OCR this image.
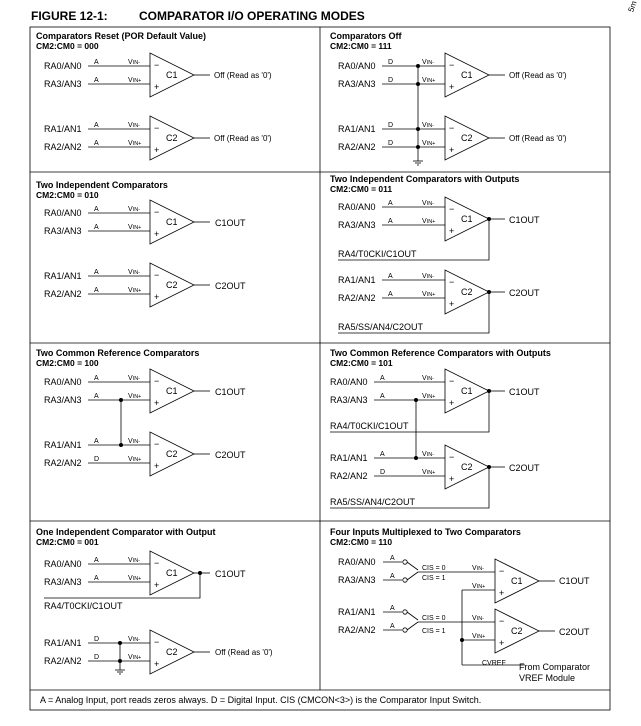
FIGURE 12-1:	COMPARATOR I/O OPERATING MODES
5m
A = Analog Input, port reads zeros always. D = Digital Input. CIS (CMCON<3>) is the Comparator Input Switch.
Comparators Reset (POR Default Value)
CM2:CM0 = 000
RA0/AN0 A	VIN-
RA3/AN3 A	VIN+
RA1/AN1 A	VIN-
RA2/AN2 A	VIN+
−
+
C1	Off (Read as '0')
−
+
C2	Off (Read as '0')
Comparators Off
CM2:CM0 = 111
RA0/AN0 D	VIN-
RA3/AN3 D	VIN+
RA1/AN1 D	VIN-
RA2/AN2 D	VIN+
−
+
C1	Off (Read as '0')
−
+
C2	Off (Read as '0')
Two Independent Comparators
CM2:CM0 = 010
RA0/AN0 A	VIN-
RA3/AN3 A	VIN+
RA1/AN1 A	VIN-
RA2/AN2 A	VIN+
−
+
C1	C1OUT
−
+
C2	C2OUT
Two Independent Comparators with Outputs
CM2:CM0 = 011
RA0/AN0 A	VIN-
RA3/AN3 A	VIN+
RA1/AN1 A	VIN-
RA2/AN2 A	VIN+
−
+
C1	C1OUT
RA4/T0CKI/C1OUT
−
+
C2	C2OUT
RA5/SS/AN4/C2OUT
Two Common Reference Comparators
CM2:CM0 = 100
RA0/AN0 A	VIN-
RA3/AN3 A	VIN+
RA1/AN1 A	VIN-
RA2/AN2 D	VIN+
−
+
C1	C1OUT
−
+
C2	C2OUT
Two Common Reference Comparators with Outputs
CM2:CM0 = 101
RA0/AN0 A	VIN-
RA3/AN3 A	VIN+
RA1/AN1 A	VIN-
RA2/AN2 D	VIN+
−
+
C1	C1OUT
RA4/T0CKI/C1OUT
−
+
C2	C2OUT
RA5/SS/AN4/C2OUT
One Independent Comparator with Output
CM2:CM0 = 001
RA0/AN0 A	VIN-
RA3/AN3 A	VIN+
RA1/AN1 D	VIN-
RA2/AN2 D	VIN+
−
+
C1	C1OUT
RA4/T0CKI/C1OUT
−
+
C2	Off (Read as '0')
Four Inputs Multiplexed to Two Comparators
CM2:CM0 = 110
RA0/AN0 A
RA3/AN3 A
RA1/AN1 A
RA2/AN2 A
CIS = 0
CIS = 1
CIS = 0
CIS = 1
VIN-
VIN-
VIN+
VIN+
CVREF From Comparator
VREF Module
−
+
C1	C1OUT
−
+
C2	C2OUT
